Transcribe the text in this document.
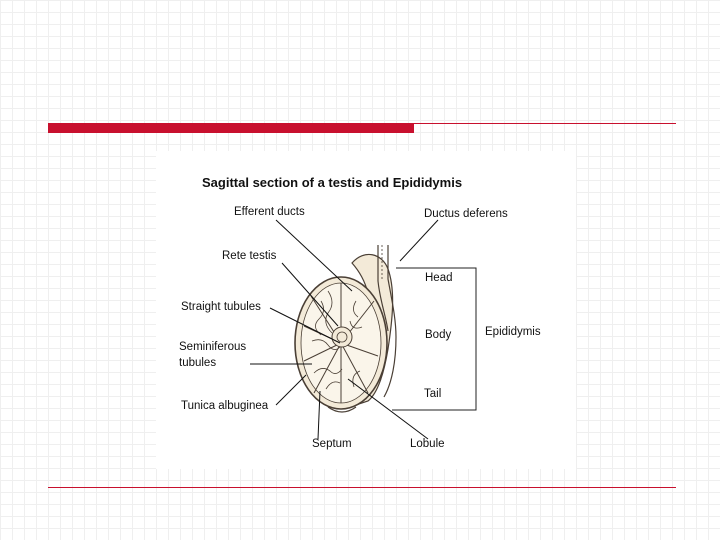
Sagittal section of a testis and Epididymis
Efferent ducts	Ductus deferens
Rete testis
Head
Straight tubules
Body	Epididymis
Seminiferous
tubules
Tail
Tunica albuginea
Septum	Lobule
